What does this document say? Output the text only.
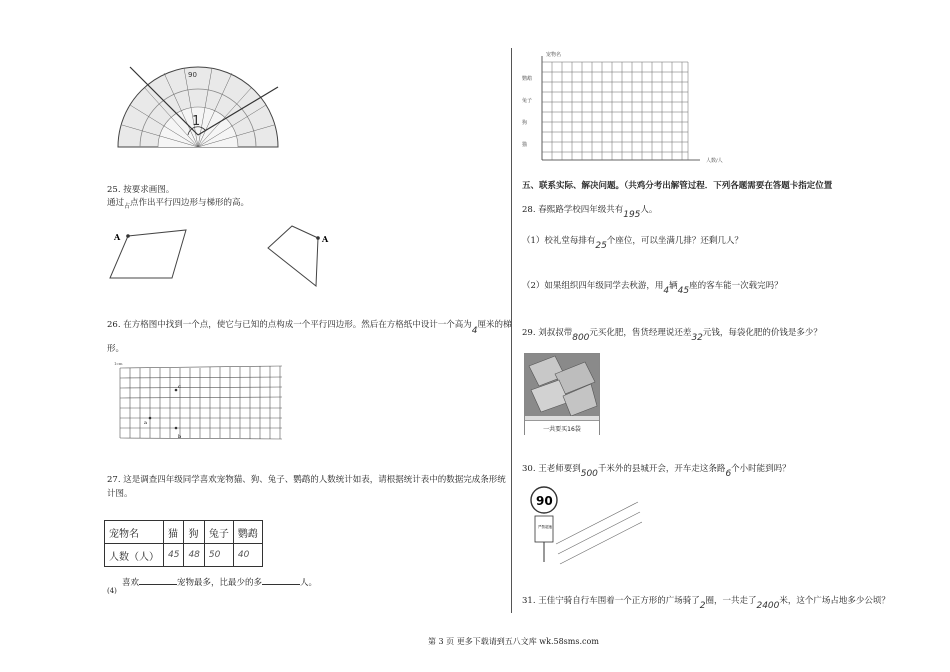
1
90
25. 按要求画图。
通过$_占$点作出平行四边形与梯形的高。
A	A
26. 在方格图中找到一个点，使它与已知的点构成一个平行四边形。然后在方格纸中设计一个高为4厘米的梯
形。
1cm
a
b
c
27. 这是调查四年级同学喜欢宠物猫、狗、兔子、鹦鹉的人数统计如表，请根据统计表中的数据完成条形统
计图。
宠物名	猫	狗	兔子	鹦鹉
人数（人）	45	48	50	40
喜欢	宠物最多，比最少的多	人。
(4)
宠物名
鹦鹉
兔子
狗
猫
人数/人
五、联系实际、解决问题。（共鸡分考出解管过程．下列各题需要在答题卡指定位置
28. 春熙路学校四年级共有195人。
（1）校礼堂每排有25个座位，可以坐满几排？还剩几人？
（2）如果组织四年级同学去秋游，用4辆45座的客车能一次载完吗？
29. 刘叔叔带800元买化肥，售货经理说还差32元钱，每袋化肥的价钱是多少？
一共要买16袋
30. 王老师要到500千米外的县城开会，开车走这条路6个小时能到吗？
90
严禁超速
31. 王佳宁骑自行车围着一个正方形的广场骑了2圈，一共走了2400米，这个广场占地多少公顷？
第 3 页 更多下载请到五八文库 wk.58sms.com
